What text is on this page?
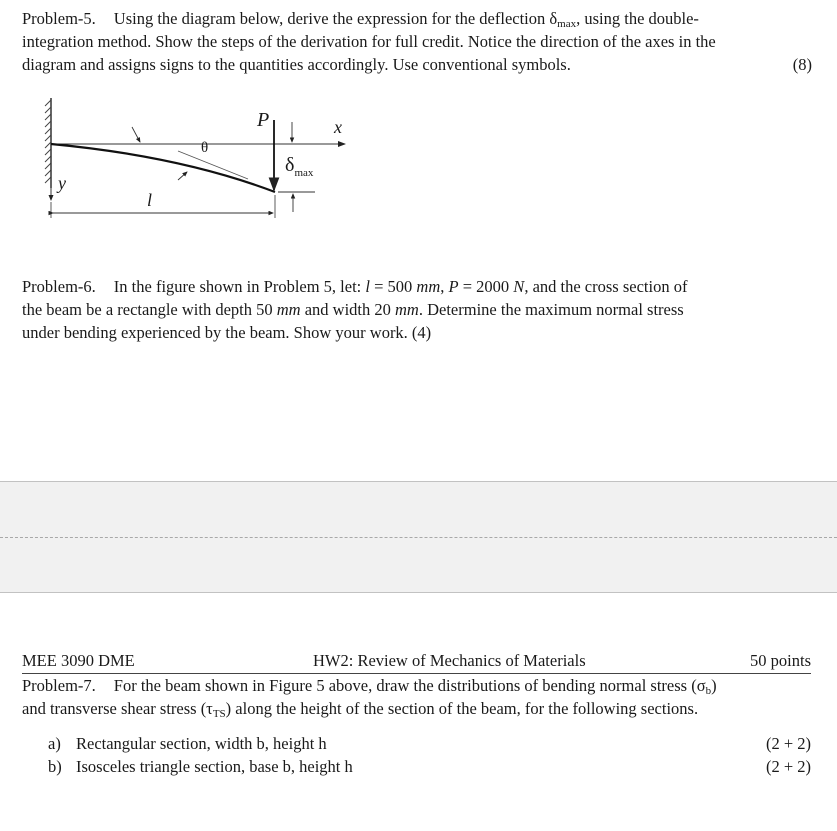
Problem-5. Using the diagram below, derive the expression for the deflection $\delta_{max}$, using the double-
integration method. Show the steps of the derivation for full credit. Notice the direction of the axes in the
diagram and assigns signs to the quantities accordingly. Use conventional symbols.	(8)
P	x
y
θ
$\delta_{max}$
l
Problem-6. In the figure shown in Problem 5, let: l = 500 mm, P = 2000 N, and the cross section of
the beam be a rectangle with depth 50 mm and width 20 mm. Determine the maximum normal stress
under bending experienced by the beam. Show your work. (4)
MEE 3090 DME	HW2: Review of Mechanics of Materials	50 points
Problem-7. For the beam shown in Figure 5 above, draw the distributions of bending normal stress $(\sigma_b)$
and transverse shear stress $(\tau_{TS})$ along the height of the section of the beam, for the following sections.
a) Rectangular section, width b, height h	(2 + 2)
b) Isosceles triangle section, base b, height h	(2 + 2)
